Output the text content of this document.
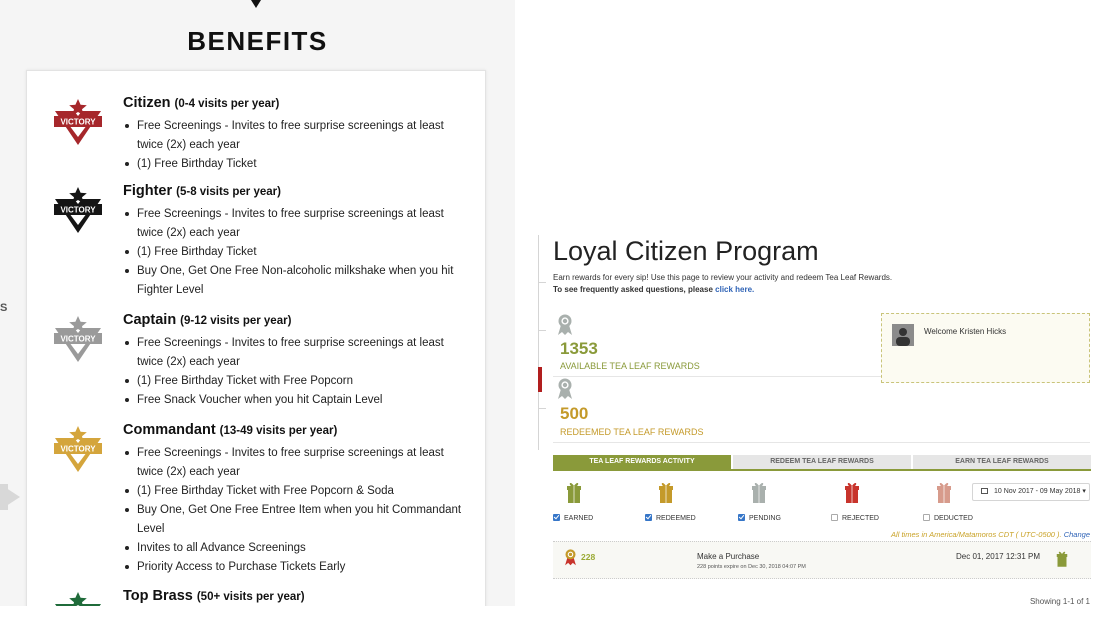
BENEFITS
S
VICTORY
Citizen (0-4 visits per year)
Free Screenings - Invites to free surprise screenings at least twice (2x) each year
(1) Free Birthday Ticket
VICTORY
Fighter (5-8 visits per year)
Free Screenings - Invites to free surprise screenings at least twice (2x) each year
(1) Free Birthday Ticket
Buy One, Get One Free Non-alcoholic milkshake when you hit Fighter Level
VICTORY
Captain (9-12 visits per year)
Free Screenings - Invites to free surprise screenings at least twice (2x) each year
(1) Free Birthday Ticket with Free Popcorn
Free Snack Voucher when you hit Captain Level
VICTORY
Commandant (13-49 visits per year)
Free Screenings - Invites to free surprise screenings at least twice (2x) each year
(1) Free Birthday Ticket with Free Popcorn & Soda
Buy One, Get One Free Entree Item when you hit Commandant Level
Invites to all Advance Screenings
Priority Access to Purchase Tickets Early
VICTORY
Top Brass (50+ visits per year)
Loyal Citizen Program
Earn rewards for every sip! Use this page to review your activity and redeem Tea Leaf Rewards.
To see frequently asked questions, please click here.
1353
AVAILABLE TEA LEAF REWARDS
500
REDEEMED TEA LEAF REWARDS
Welcome Kristen Hicks
TEA LEAF REWARDS ACTIVITY	REDEEM TEA LEAF REWARDS	EARN TEA LEAF REWARDS
10 Nov 2017 - 09 May 2018 ▾
EARNED	REDEEMED	PENDING	REJECTED	DEDUCTED
All times in America/Matamoros CDT ( UTC-0500 ). Change
228	Make a Purchase
228 points expire on Dec 30, 2018 04:07 PM
Dec 01, 2017 12:31 PM
Showing 1-1 of 1
